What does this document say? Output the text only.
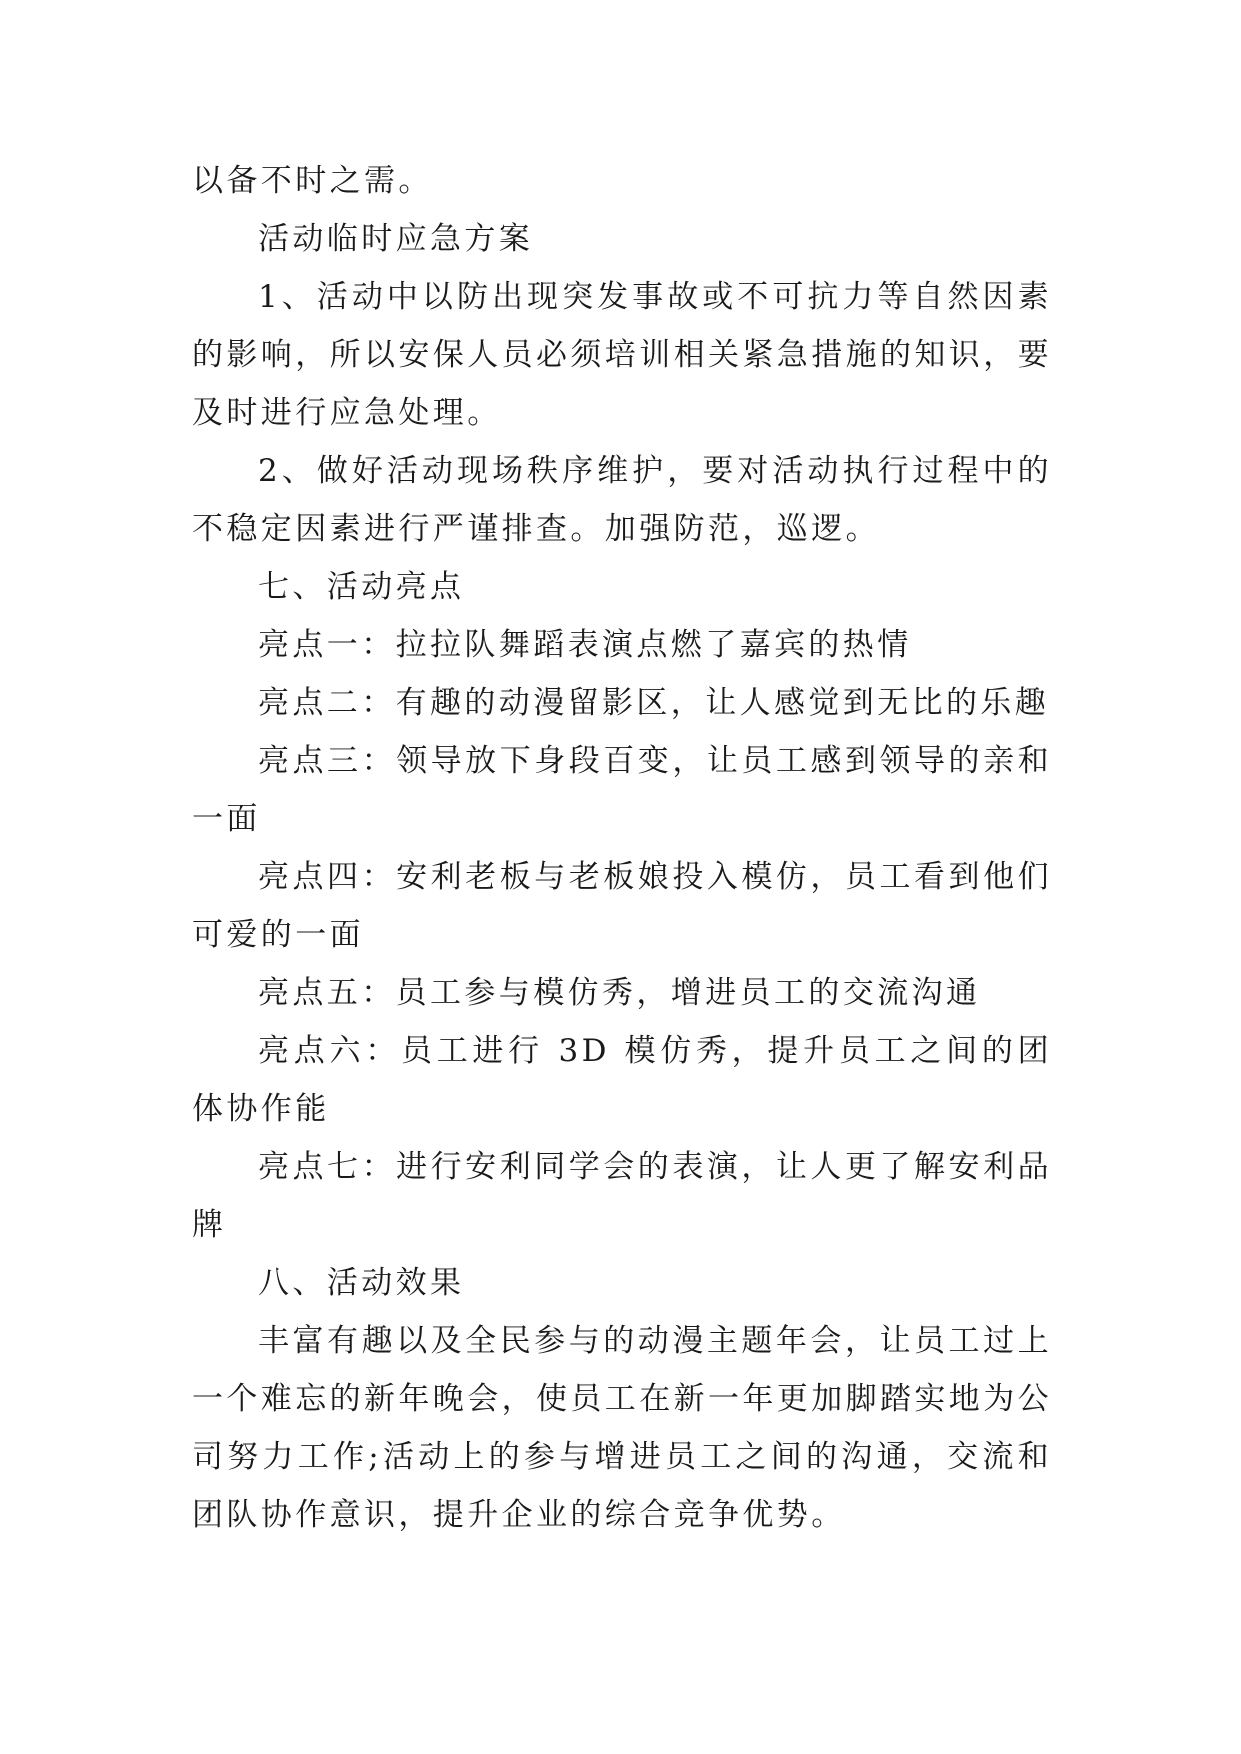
以备不时之需。

活动临时应急方案

1、活动中以防出现突发事故或不可抗力等自然因素的影响，所以安保人员必须培训相关紧急措施的知识，要及时进行应急处理。

2、做好活动现场秩序维护，要对活动执行过程中的不稳定因素进行严谨排查。加强防范，巡逻。

七、活动亮点

亮点一：拉拉队舞蹈表演点燃了嘉宾的热情

亮点二：有趣的动漫留影区，让人感觉到无比的乐趣

亮点三：领导放下身段百变，让员工感到领导的亲和一面

亮点四：安利老板与老板娘投入模仿，员工看到他们可爱的一面

亮点五：员工参与模仿秀，增进员工的交流沟通

亮点六：员工进行 3D 模仿秀，提升员工之间的团体协作能

亮点七：进行安利同学会的表演，让人更了解安利品牌

八、活动效果

丰富有趣以及全民参与的动漫主题年会，让员工过上一个难忘的新年晚会，使员工在新一年更加脚踏实地为公司努力工作;活动上的参与增进员工之间的沟通，交流和团队协作意识，提升企业的综合竞争优势。
